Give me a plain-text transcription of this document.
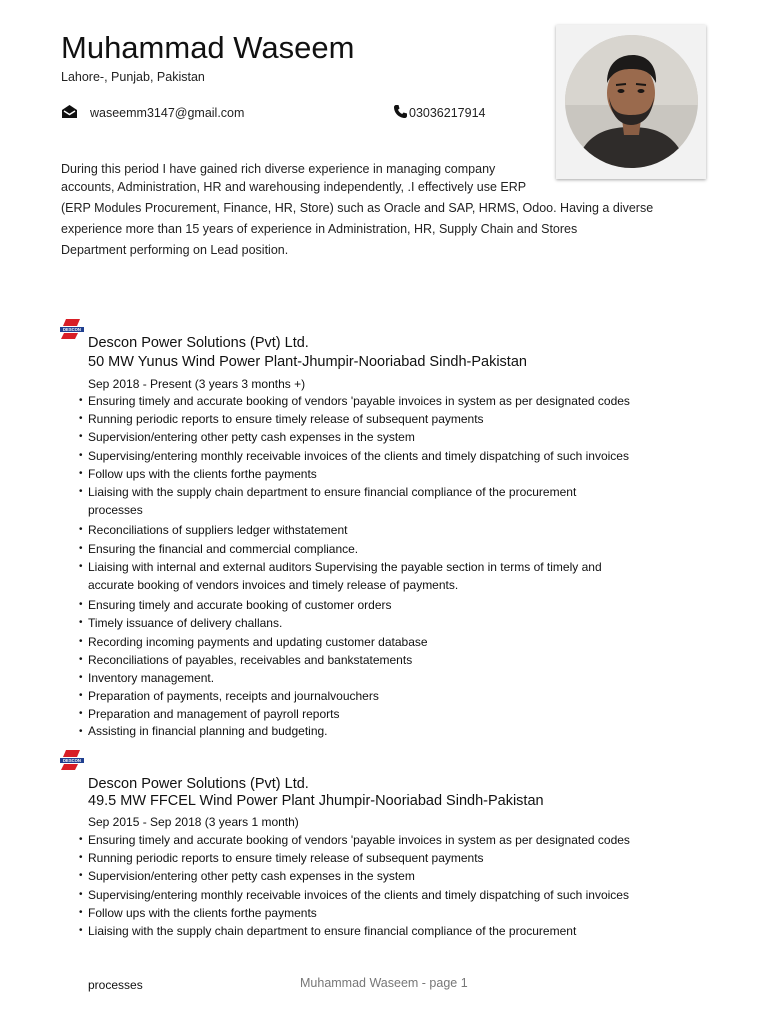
Muhammad Waseem
Lahore-, Punjab, Pakistan
waseemm3147@gmail.com	03036217914
During this period I have gained rich diverse experience in managing company
accounts, Administration, HR and warehousing independently, .I effectively use ERP
(ERP Modules Procurement, Finance, HR, Store) such as Oracle and SAP, HRMS, Odoo. Having a diverse
experience more than 15 years of experience in Administration, HR, Supply Chain and Stores
Department performing on Lead position.
DESCON
Descon Power Solutions (Pvt) Ltd.
50 MW Yunus Wind Power Plant-Jhumpir-Nooriabad Sindh-Pakistan
Sep 2018 - Present (3 years 3 months +)
• Ensuring timely and accurate booking of vendors 'payable invoices in system as per designated codes
• Running periodic reports to ensure timely release of subsequent payments
• Supervision/entering other petty cash expenses in the system
• Supervising/entering monthly receivable invoices of the clients and timely dispatching of such invoices
• Follow ups with the clients forthe payments
• Liaising with the supply chain department to ensure financial compliance of the procurement processes
• Reconciliations of suppliers ledger withstatement
• Ensuring the financial and commercial compliance.
• Liaising with internal and external auditors Supervising the payable section in terms of timely and accurate booking of vendors invoices and timely release of payments.
• Ensuring timely and accurate booking of customer orders
• Timely issuance of delivery challans.
• Recording incoming payments and updating customer database
• Reconciliations of payables, receivables and bankstatements
• Inventory management.
• Preparation of payments, receipts and journalvouchers
• Preparation and management of payroll reports
• Assisting in financial planning and budgeting.
DESCON
Descon Power Solutions (Pvt) Ltd.
49.5 MW FFCEL Wind Power Plant Jhumpir-Nooriabad Sindh-Pakistan
Sep 2015 - Sep 2018 (3 years 1 month)
• Ensuring timely and accurate booking of vendors 'payable invoices in system as per designated codes
• Running periodic reports to ensure timely release of subsequent payments
• Supervision/entering other petty cash expenses in the system
• Supervising/entering monthly receivable invoices of the clients and timely dispatching of such invoices
• Follow ups with the clients forthe payments
• Liaising with the supply chain department to ensure financial compliance of the procurement
processes	Muhammad Waseem - page 1
